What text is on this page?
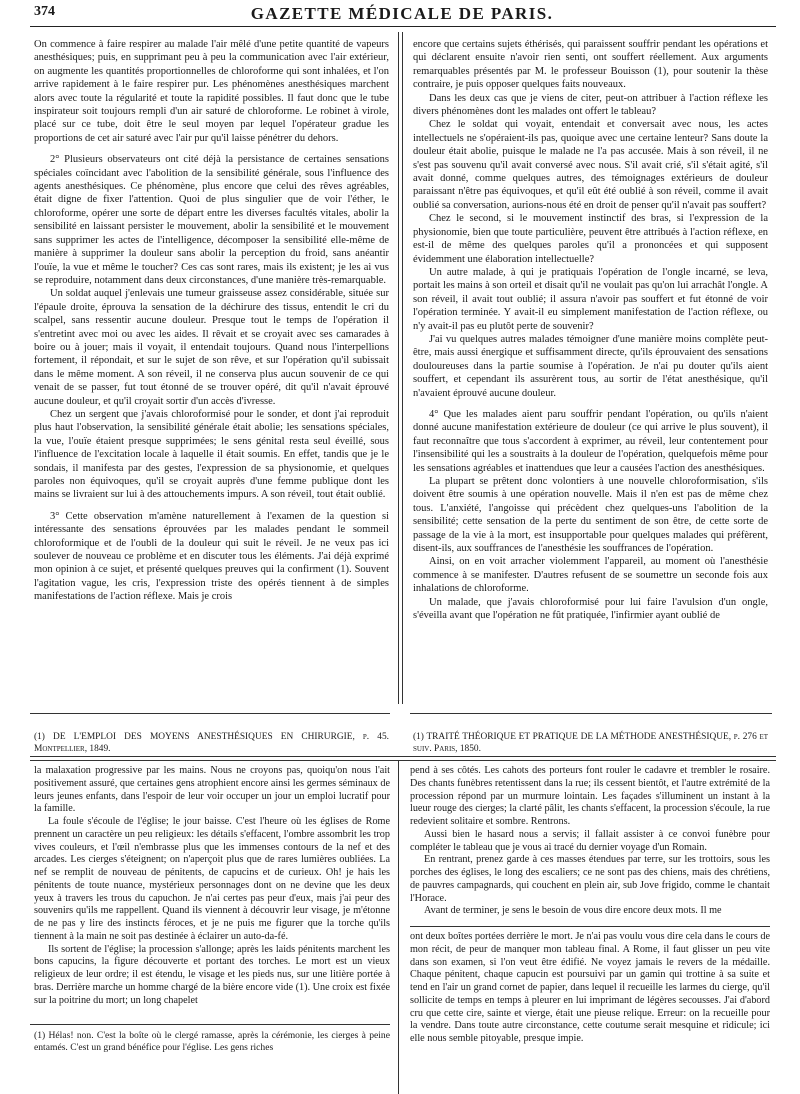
374	GAZETTE MÉDICALE DE PARIS.

On commence à faire respirer au malade l'air mêlé d'une petite quantité de vapeurs anesthésiques; puis, en supprimant peu à peu la communication avec l'air extérieur, on augmente les quantités proportionnelles de chloroforme qui sont inhalées, et l'on arrive rapidement à le faire respirer pur. Les phénomènes anesthésiques marchent alors avec toute la régularité et toute la rapidité possibles. Il faut donc que le tube inspirateur soit toujours rempli d'un air saturé de chloroforme. Le robinet à virole, placé sur ce tube, doit être le seul moyen par lequel l'opérateur gradue les proportions de cet air saturé avec l'air pur qu'il laisse pénétrer du dehors.

2° Plusieurs observateurs ont cité déjà la persistance de certaines sensations spéciales coïncidant avec l'abolition de la sensibilité générale, sous l'influence des agents anesthésiques. Ce phénomène, plus encore que celui des rêves agréables, était digne de fixer l'attention. Quoi de plus singulier que de voir l'éther, le chloroforme, opérer une sorte de départ entre les diverses facultés vitales, abolir la sensibilité en laissant persister le mouvement, abolir la sensibilité et le mouvement sans supprimer les actes de l'intelligence, décomposer la sensibilité elle-même de manière à supprimer la douleur sans abolir la perception du froid, sans anéantir l'ouïe, la vue et même le toucher? Ces cas sont rares, mais ils existent; je les ai vus se reproduire, notamment dans deux circonstances, d'une manière très-remarquable.

Un soldat auquel j'enlevais une tumeur graisseuse assez considérable, située sur l'épaule droite, éprouva la sensation de la déchirure des tissus, entendit le cri du scalpel, sans ressentir aucune douleur. Presque tout le temps de l'opération il s'entretint avec moi ou avec les aides. Il rêvait et se croyait avec ses camarades à boire ou à jouer; mais il voyait, il entendait toujours. Quand nous l'interpellions fortement, il répondait, et sur le sujet de son rêve, et sur l'opération qu'il subissait dans le même moment. A son réveil, il ne conserva plus aucun souvenir de ce qui venait de se passer, fut tout étonné de se trouver opéré, dit qu'il n'avait éprouvé aucune douleur, et qu'il croyait sortir d'un accès d'ivresse.

Chez un sergent que j'avais chloroformisé pour le sonder, et dont j'ai reproduit plus haut l'observation, la sensibilité générale était abolie; les sensations spéciales, la vue, l'ouïe étaient presque supprimées; le sens génital resta seul éveillé, sous l'influence de l'excitation locale à laquelle il était soumis. En effet, tandis que je le sondais, il manifesta par des gestes, l'expression de sa physionomie, et quelques paroles non équivoques, qu'il se croyait auprès d'une femme publique dont les mains se livraient sur lui à des attouchements impurs. A son réveil, tout était oublié.

3° Cette observation m'amène naturellement à l'examen de la question si intéressante des sensations éprouvées par les malades pendant le sommeil chloroformique et de l'oubli de la douleur qui suit le réveil. Je ne veux pas ici soulever de nouveau ce problème et en discuter tous les éléments. J'ai déjà exprimé mon opinion à ce sujet, et présenté quelques preuves qui la confirment (1). Souvent l'agitation vague, les cris, l'expression triste des opérés tiennent à de simples manifestations de l'action réflexe. Mais je crois

encore que certains sujets éthérisés, qui paraissent souffrir pendant les opérations et qui déclarent ensuite n'avoir rien senti, ont souffert réellement. Aux arguments remarquables présentés par M. le professeur Bouisson (1), pour soutenir la thèse contraire, je puis opposer quelques faits nouveaux.

Dans les deux cas que je viens de citer, peut-on attribuer à l'action réflexe les divers phénomènes dont les malades ont offert le tableau?

Chez le soldat qui voyait, entendait et conversait avec nous, les actes intellectuels ne s'opéraient-ils pas, quoique avec une certaine lenteur? Sans doute la douleur était abolie, puisque le malade ne l'a pas accusée. Mais à son réveil, il ne s'est pas souvenu qu'il avait conversé avec nous. S'il avait crié, s'il s'était agité, s'il avait donné, comme quelques autres, des témoignages extérieurs de douleur paraissant n'être pas équivoques, et qu'il eût été oublié à son réveil, comme il avait oublié sa conversation, aurions-nous été en droit de penser qu'il n'avait pas souffert?

Chez le second, si le mouvement instinctif des bras, si l'expression de la physionomie, bien que toute particulière, peuvent être attribués à l'action réflexe, en est-il de même des quelques paroles qu'il a prononcées et qui supposent évidemment une élaboration intellectuelle?

Un autre malade, à qui je pratiquais l'opération de l'ongle incarné, se leva, portait les mains à son orteil et disait qu'il ne voulait pas qu'on lui arrachât l'ongle. A son réveil, il avait tout oublié; il assura n'avoir pas souffert et fut étonné de voir l'opération terminée. Y avait-il eu simplement manifestation de l'action réflexe, ou n'y avait-il pas eu plutôt perte de souvenir?

J'ai vu quelques autres malades témoigner d'une manière moins complète peut-être, mais aussi énergique et suffisamment directe, qu'ils éprouvaient des sensations douloureuses dans la partie soumise à l'opération. Je n'ai pu douter qu'ils aient souffert, et cependant ils assurèrent tous, au sortir de l'état anesthésique, qu'il n'avaient éprouvé aucune douleur.

4° Que les malades aient paru souffrir pendant l'opération, ou qu'ils n'aient donné aucune manifestation extérieure de douleur (ce qui arrive le plus souvent), il faut reconnaître que tous s'accordent à exprimer, au réveil, leur contentement pour l'insensibilité qui les a soustraits à la douleur de l'opération, quelquefois même pour les sensations agréables et inattendues que leur a causées l'action des anesthésiques.

La plupart se prêtent donc volontiers à une nouvelle chloroformisation, s'ils doivent être soumis à une opération nouvelle. Mais il n'en est pas de même chez tous. L'anxiété, l'angoisse qui précèdent chez quelques-uns l'abolition de la sensibilité; cette sensation de la perte du sentiment de son être, de cette sorte de passage de la vie à la mort, est insupportable pour quelques malades qui préfèrent, disent-ils, aux souffrances de l'anesthésie les souffrances de l'opération.

Ainsi, on en voit arracher violemment l'appareil, au moment où l'anesthésie commence à se manifester. D'autres refusent de se soumettre un seconde fois aux inhalations de chloroforme.

Un malade, que j'avais chloroformisé pour lui faire l'avulsion d'un ongle, s'éveilla avant que l'opération ne fût pratiquée, l'infirmier ayant oublié de

(1) DE L'EMPLOI DES MOYENS ANESTHÉSIQUES EN CHIRURGIE, p. 45. Montpellier, 1849.
(1) TRAITÉ THÉORIQUE ET PRATIQUE DE LA MÉTHODE ANESTHÉSIQUE, p. 276 et suiv. Paris, 1850.

la malaxation progressive par les mains. Nous ne croyons pas, quoiqu'on nous l'ait positivement assuré, que certaines gens atrophient encore ainsi les germes séminaux de leurs jeunes enfants, dans l'espoir de leur voir occuper un jour un emploi lucratif pour la famille.

La foule s'écoule de l'église; le jour baisse. C'est l'heure où les églises de Rome prennent un caractère un peu religieux: les détails s'effacent, l'ombre assombrit les trop vives couleurs, et l'œil n'embrasse plus que les immenses contours de la nef et des arcades. Les cierges s'éteignent; on n'aperçoit plus que de rares lumières oubliées. La nef se remplit de nouveau de pénitents, de capucins et de curieux. Oh! je hais les pénitents de toute nuance, mystérieux personnages dont on ne devine que les deux yeux à travers les trous du capuchon. Je n'ai certes pas peur d'eux, mais j'ai peur des souvenirs qu'ils me rappellent. Quand ils viennent à découvrir leur visage, je m'étonne de ne pas y lire des instincts féroces, et je ne puis me figurer que la torche qu'ils tiennent à la main ne soit pas destinée à éclairer un auto-da-fé.

Ils sortent de l'église; la procession s'allonge; après les laids pénitents marchent les bons capucins, la figure découverte et portant des torches. Le mort est un vieux religieux de leur ordre; il est étendu, le visage et les pieds nus, sur une litière portée à bras. Derrière marche un homme chargé de la bière encore vide (1). Une croix est fixée sur la poitrine du mort; un long chapelet

pend à ses côtés. Les cahots des porteurs font rouler le cadavre et trembler le rosaire. Des chants funèbres retentissent dans la rue; ils cessent bientôt, et l'autre extrémité de la procession répond par un murmure lointain. Les façades s'illuminent un instant à la lueur rouge des cierges; la clarté pâlit, les chants s'effacent, la procession s'écoule, la rue redevient solitaire et sombre. Rentrons.

Aussi bien le hasard nous a servis; il fallait assister à ce convoi funèbre pour compléter le tableau que je vous ai tracé du dernier voyage d'un Romain.

En rentrant, prenez garde à ces masses étendues par terre, sur les trottoirs, sous les porches des églises, le long des escaliers; ce ne sont pas des chiens, mais des chrétiens, de pauvres campagnards, qui couchent en plein air, sub Jove frigido, comme le chantait l'Horace.

Avant de terminer, je sens le besoin de vous dire encore deux mots. Il me

ont deux boîtes portées derrière le mort. Je n'ai pas voulu vous dire cela dans le cours de mon récit, de peur de manquer mon tableau final. A Rome, il faut glisser un peu vite dans son examen, si l'on veut être édifié. Ne voyez jamais le revers de la médaille. Chaque pénitent, chaque capucin est poursuivi par un gamin qui trottine à sa suite et tend en l'air un grand cornet de papier, dans lequel il recueille les larmes du cierge, qu'il sollicite de temps en temps à pleurer en lui imprimant de légères secousses. J'ai d'abord cru que cette cire, sainte et vierge, était une pieuse relique. Erreur: on la recueille pour la vendre. Dans toute autre circonstance, cette coutume serait mesquine et ridicule; ici elle nous semble pitoyable, presque impie.

(1) Hélas! non. C'est la boîte où le clergé ramasse, après la cérémonie, les cierges à peine entamés. C'est un grand bénéfice pour l'église. Les gens riches
